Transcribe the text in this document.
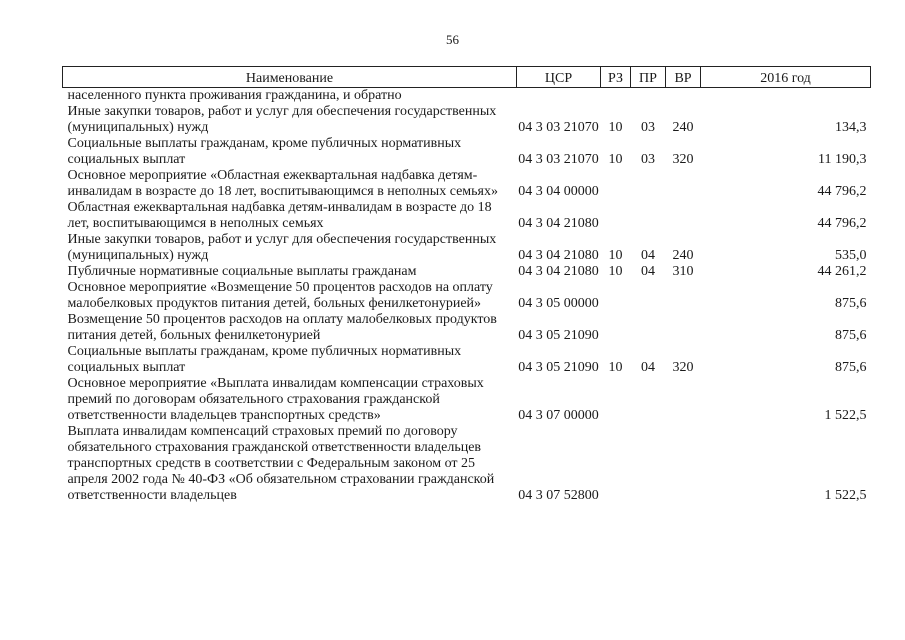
56
Наименование	ЦСР	РЗ	ПР	ВР	2016 год
населенного пункта проживания гражданина, и обратно					
Иные закупки товаров, работ и услуг для обеспечения государственных (муниципальных) нужд	04 3 03 21070	10	03	240	134,3
Социальные выплаты гражданам, кроме публичных нормативных социальных выплат	04 3 03 21070	10	03	320	11 190,3
Основное мероприятие «Областная ежеквартальная надбавка детям-инвалидам в возрасте до 18 лет, воспитывающимся в неполных семьях»	04 3 04 00000				44 796,2
Областная ежеквартальная надбавка детям-инвалидам в возрасте до 18 лет, воспитывающимся в неполных семьях	04 3 04 21080				44 796,2
Иные закупки товаров, работ и услуг для обеспечения государственных (муниципальных) нужд	04 3 04 21080	10	04	240	535,0
Публичные нормативные социальные выплаты гражданам	04 3 04 21080	10	04	310	44 261,2
Основное мероприятие «Возмещение 50 процентов расходов на оплату малобелковых продуктов питания детей, больных фенилкетонурией»	04 3 05 00000				875,6
Возмещение 50 процентов расходов на оплату малобелковых продуктов питания детей, больных фенилкетонурией	04 3 05 21090				875,6
Социальные выплаты гражданам, кроме публичных нормативных социальных выплат	04 3 05 21090	10	04	320	875,6
Основное мероприятие «Выплата инвалидам компенсации страховых премий по договорам обязательного страхования гражданской ответственности владельцев транспортных средств»	04 3 07 00000				1 522,5
Выплата инвалидам компенсаций страховых премий по договору обязательного страхования гражданской ответственности владельцев транспортных средств в соответствии с Федеральным законом от 25 апреля 2002 года № 40-ФЗ «Об обязательном страховании гражданской ответственности владельцев	04 3 07 52800				1 522,5
